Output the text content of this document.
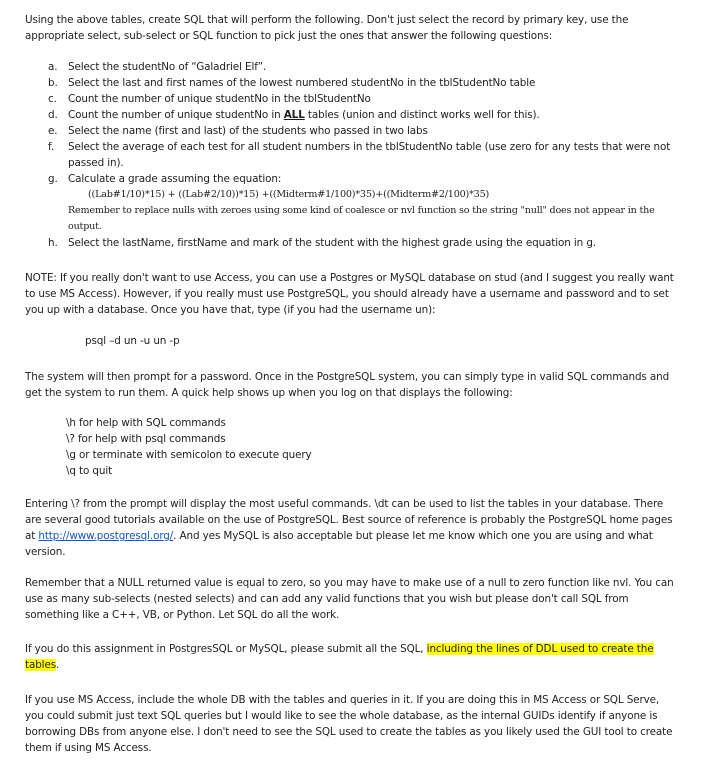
Using the above tables, create SQL that will perform the following. Don't just select the record by primary key, use the appropriate select, sub-select or SQL function to pick just the ones that answer the following questions:

a.	Select the studentNo of “Galadriel Elf”.
b. Select the last and first names of the lowest numbered studentNo in the tblStudentNo table
c.	Count the number of unique studentNo in the tblStudentNo
d. Count the number of unique studentNo in ALL tables (union and distinct works well for this).
e.	Select the name (first and last) of the students who passed in two labs
f.	Select the average of each test for all student numbers in the tblStudentNo table (use zero for any tests that were not passed in).
g. Calculate a grade assuming the equation:
((Lab#1/10)*15) + ((Lab#2/10))*15) +((Midterm#1/100)*35)+((Midterm#2/100)*35)
Remember to replace nulls with zeroes using some kind of coalesce or nvl function so the string "null" does not appear in the output.
h. Select the lastName, firstName and mark of the student with the highest grade using the equation in g.

NOTE: If you really don't want to use Access, you can use a Postgres or MySQL database on stud (and I suggest you really want to use MS Access). However, if you really must use PostgreSQL, you should already have a username and password and to set you up with a database. Once you have that, type (if you had the username un):

psql –d un -u un -p

The system will then prompt for a password. Once in the PostgreSQL system, you can simply type in valid SQL commands and get the system to run them. A quick help shows up when you log on that displays the following:

\h for help with SQL commands
\? for help with psql commands
\g or terminate with semicolon to execute query
\q to quit

Entering \? from the prompt will display the most useful commands. \dt can be used to list the tables in your database. There are several good tutorials available on the use of PostgreSQL. Best source of reference is probably the PostgreSQL home pages at http://www.postgresql.org/. And yes MySQL is also acceptable but please let me know which one you are using and what version.

Remember that a NULL returned value is equal to zero, so you may have to make use of a null to zero function like nvl. You can use as many sub-selects (nested selects) and can add any valid functions that you wish but please don't call SQL from something like a C++, VB, or Python. Let SQL do all the work.

If you do this assignment in PostgresSQL or MySQL, please submit all the SQL, including the lines of DDL used to create the tables.

If you use MS Access, include the whole DB with the tables and queries in it. If you are doing this in MS Access or SQL Serve, you could submit just text SQL queries but I would like to see the whole database, as the internal GUIDs identify if anyone is borrowing DBs from anyone else. I don't need to see the SQL used to create the tables as you likely used the GUI tool to create them if using MS Access.
